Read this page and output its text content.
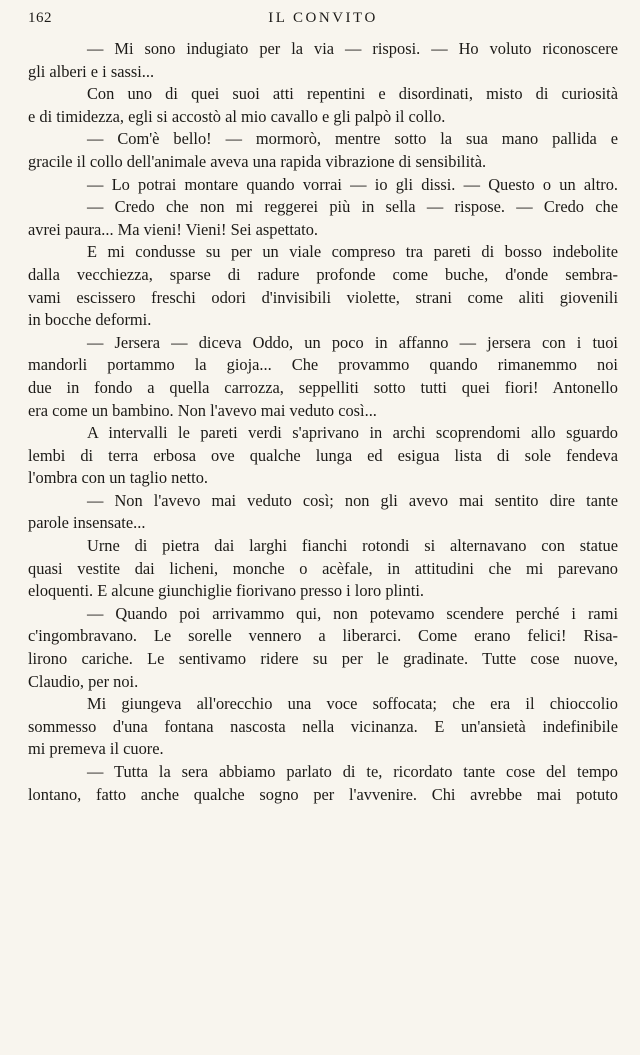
162	IL CONVITO
— Mi sono indugiato per la via — risposi. — Ho voluto riconoscere
gli alberi e i sassi...
Con uno di quei suoi atti repentini e disordinati, misto di curiosità
e di timidezza, egli si accostò al mio cavallo e gli palpò il collo.
— Com'è bello! — mormorò, mentre sotto la sua mano pallida e
gracile il collo dell'animale aveva una rapida vibrazione di sensibilità.
— Lo potrai montare quando vorrai — io gli dissi. — Questo o un altro.
— Credo che non mi reggerei più in sella — rispose. — Credo che
avrei paura... Ma vieni! Vieni! Sei aspettato.
E mi condusse su per un viale compreso tra pareti di bosso indebolite
dalla vecchiezza, sparse di radure profonde come buche, d'onde sembra-
vami escissero freschi odori d'invisibili violette, strani come aliti giovenili
in bocche deformi.
— Jersera — diceva Oddo, un poco in affanno — jersera con i tuoi
mandorli portammo la gioja... Che provammo quando rimanemmo noi
due in fondo a quella carrozza, seppelliti sotto tutti quei fiori! Antonello
era come un bambino. Non l'avevo mai veduto così...
A intervalli le pareti verdi s'aprivano in archi scoprendomi allo sguardo
lembi di terra erbosa ove qualche lunga ed esigua lista di sole fendeva
l'ombra con un taglio netto.
— Non l'avevo mai veduto così; non gli avevo mai sentito dire tante
parole insensate...
Urne di pietra dai larghi fianchi rotondi si alternavano con statue
quasi vestite dai licheni, monche o acèfale, in attitudini che mi parevano
eloquenti. E alcune giunchiglie fiorivano presso i loro plinti.
— Quando poi arrivammo qui, non potevamo scendere perché i rami
c'ingombravano. Le sorelle vennero a liberarci. Come erano felici! Risa-
lirono cariche. Le sentivamo ridere su per le gradinate. Tutte cose nuove,
Claudio, per noi.
Mi giungeva all'orecchio una voce soffocata; che era il chioccolio
sommesso d'una fontana nascosta nella vicinanza. E un'ansietà indefinibile
mi premeva il cuore.
— Tutta la sera abbiamo parlato di te, ricordato tante cose del tempo
lontano, fatto anche qualche sogno per l'avvenire. Chi avrebbe mai potuto
